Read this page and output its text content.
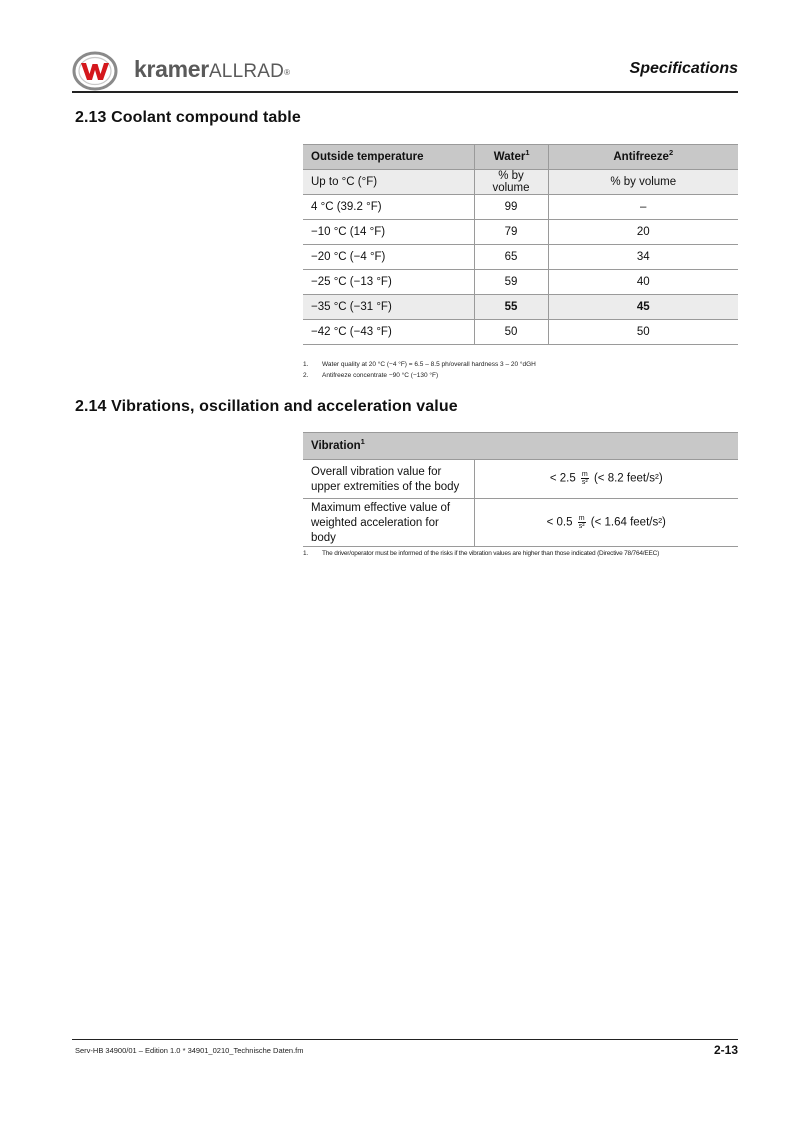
kramerALLRAD®	Specifications
2.13 Coolant compound table
Outside temperature	Water$^1$	Antifreeze$^2$
Up to °C (°F)	% by volume	% by volume
4 °C (39.2 °F)	99	–
−10 °C (14 °F)	79	20
−20 °C (−4 °F)	65	34
−25 °C (−13 °F)	59	40
−35 °C (−31 °F)	55	45
−42 °C (−43 °F)	50	50
1. Water quality at 20 °C (−4 °F) = 6.5 – 8.5 ph/overall hardness 3 – 20 °dGH
2. Antifreeze concentrate −90 °C (−130 °F)
2.14 Vibrations, oscillation and acceleration value
Vibration$^1$
Overall vibration value for upper extremities of the body	< $2.5 \frac{m}{\text{s²}}$ (< 8.2 feet/s²)
Maximum effective value of weighted acceleration for body	< $0.5 \frac{m}{\text{s²}}$ (< 1.64 feet/s²)
1. The driver/operator must be informed of the risks if the vibration values are higher than those indicated (Directive 78/764/EEC)
Serv-HB 34900/01 – Edition 1.0 * 34901_0210_Technische Daten.fm	2-13
